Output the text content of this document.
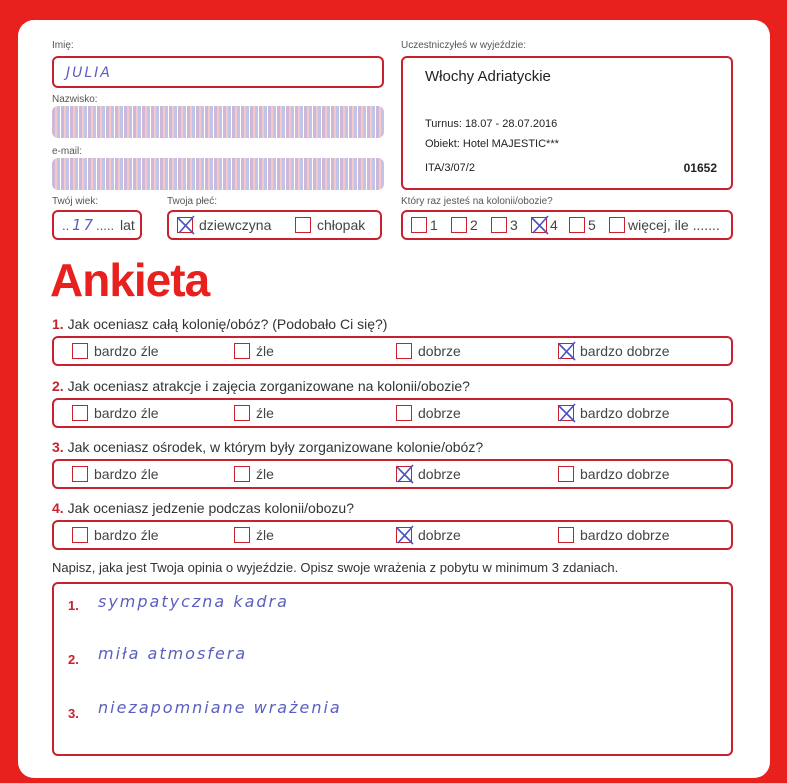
Imię:
JULIA
Nazwisko:
e-mail:
Twój wiek:
.. 17 ..... lat
Twoja płeć:
dziewczyna	chłopak
Uczestniczyłeś w wyjeździe:
Włochy Adriatyckie
Turnus: 18.07 - 28.07.2016
Obiekt: Hotel MAJESTIC***
ITA/3/07/2	01652
Który raz jesteś na kolonii/obozie?
1 2 3 4 5 więcej, ile .......
Ankieta
1. Jak oceniasz całą kolonię/obóz? (Podobało Ci się?)
bardzo źle	źle	dobrze	bardzo dobrze
2. Jak oceniasz atrakcje i zajęcia zorganizowane na kolonii/obozie?
bardzo źle	źle	dobrze	bardzo dobrze
3. Jak oceniasz ośrodek, w którym były zorganizowane kolonie/obóz?
bardzo źle	źle	dobrze	bardzo dobrze
4. Jak oceniasz jedzenie podczas kolonii/obozu?
bardzo źle	źle	dobrze	bardzo dobrze
Napisz, jaka jest Twoja opinia o wyjeździe. Opisz swoje wrażenia z pobytu w minimum 3 zdaniach.
1. sympatyczna kadra
2. miła atmosfera
3. niezapomniane wrażenia
